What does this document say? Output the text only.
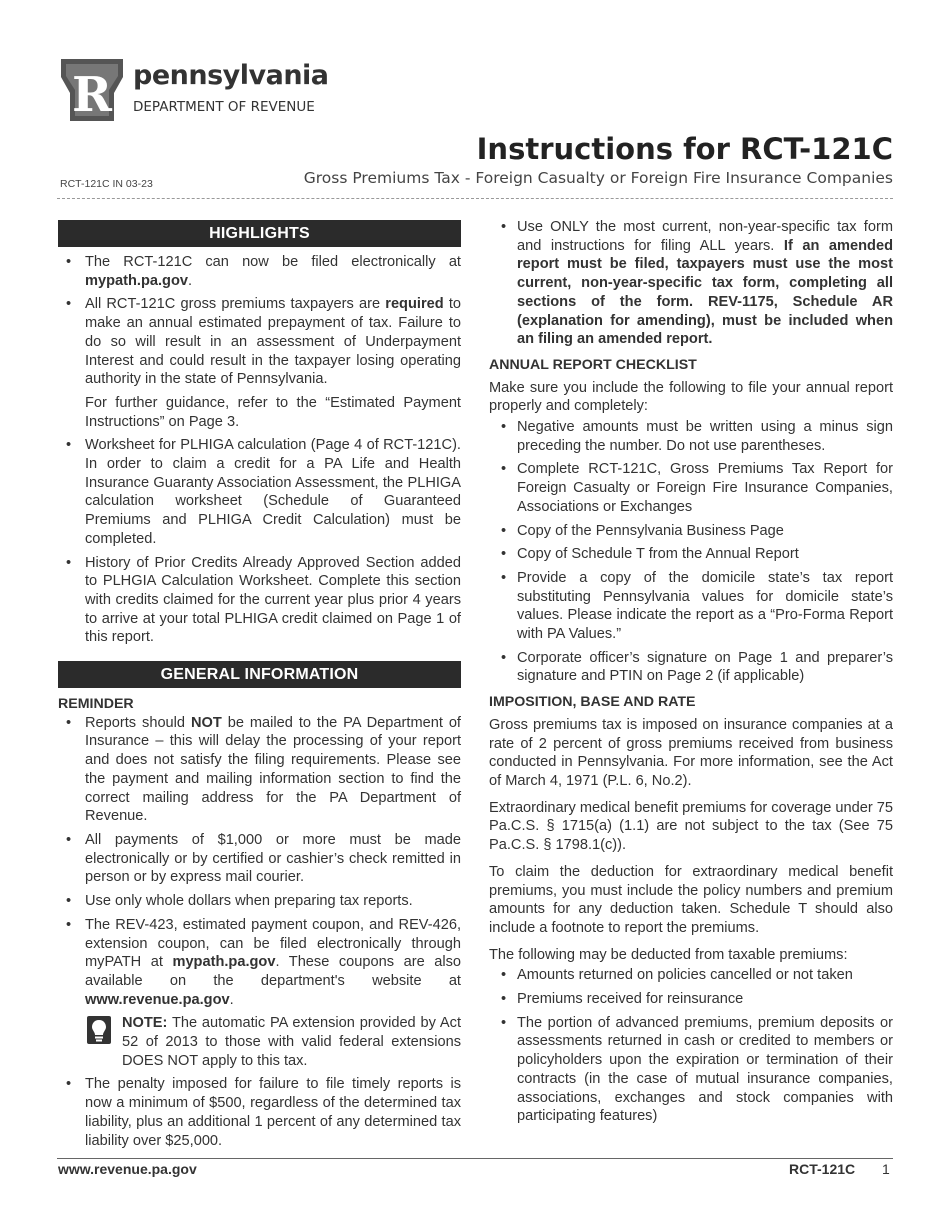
R pennsylvania
DEPARTMENT OF REVENUE
Instructions for RCT-121C
RCT-121C IN 03-23	Gross Premiums Tax - Foreign Casualty or Foreign Fire Insurance Companies
HIGHLIGHTS
• The RCT-121C can now be filed electronically at mypath.pa.gov.
• All RCT-121C gross premiums taxpayers are required to make an annual estimated prepayment of tax. Failure to do so will result in an assessment of Underpayment Interest and could result in the taxpayer losing operating authority in the state of Pennsylvania.

For further guidance, refer to the “Estimated Payment Instructions” on Page 3.

• Worksheet for PLHIGA calculation (Page 4 of RCT-121C). In order to claim a credit for a PA Life and Health Insurance Guaranty Association Assessment, the PLHIGA calculation worksheet (Schedule of Guaranteed Premiums and PLHIGA Credit Calculation) must be completed.
• History of Prior Credits Already Approved Section added to PLHGIA Calculation Worksheet. Complete this section with credits claimed for the current year plus prior 4 years to arrive at your total PLHIGA credit claimed on Page 1 of this report.
GENERAL INFORMATION

REMINDER

• Reports should NOT be mailed to the PA Department of Insurance – this will delay the processing of your report and does not satisfy the filing requirements. Please see the payment and mailing information section to find the correct mailing address for the PA Department of Revenue.
• All payments of $1,000 or more must be made electronically or by certified or cashier’s check remitted in person or by express mail courier.
• Use only whole dollars when preparing tax reports.
• The REV-423, estimated payment coupon, and REV-426, extension coupon, can be filed electronically through myPATH at mypath.pa.gov. These coupons are also available on the department's website at www.revenue.pa.gov.
NOTE: The automatic PA extension provided by Act 52 of 2013 to those with valid federal extensions DOES NOT apply to this tax.
• The penalty imposed for failure to file timely reports is now a minimum of $500, regardless of the determined tax liability, plus an additional 1 percent of any determined tax liability over $25,000.
• Use ONLY the most current, non-year-specific tax form and instructions for filing ALL years. If an amended report must be filed, taxpayers must use the most current, non-year-specific tax form, completing all sections of the form. REV-1175, Schedule AR (explanation for amending), must be included when an filing an amended report.

ANNUAL REPORT CHECKLIST

Make sure you include the following to file your annual report properly and completely:

• Negative amounts must be written using a minus sign preceding the number. Do not use parentheses.
• Complete RCT-121C, Gross Premiums Tax Report for Foreign Casualty or Foreign Fire Insurance Companies, Associations or Exchanges
• Copy of the Pennsylvania Business Page
• Copy of Schedule T from the Annual Report
• Provide a copy of the domicile state’s tax report substituting Pennsylvania values for domicile state’s values. Please indicate the report as a “Pro-Forma Report with PA Values.”
• Corporate officer’s signature on Page 1 and preparer’s signature and PTIN on Page 2 (if applicable)

IMPOSITION, BASE AND RATE

Gross premiums tax is imposed on insurance companies at a rate of 2 percent of gross premiums received from business conducted in Pennsylvania. For more information, see the Act of March 4, 1971 (P.L. 6, No.2).

Extraordinary medical benefit premiums for coverage under 75 Pa.C.S. § 1715(a) (1.1) are not subject to the tax (See 75 Pa.C.S. § 1798.1(c)).

To claim the deduction for extraordinary medical benefit premiums, you must include the policy numbers and premium amounts for any deduction taken. Schedule T should also include a footnote to report the premiums.

The following may be deducted from taxable premiums:

• Amounts returned on policies cancelled or not taken
• Premiums received for reinsurance
• The portion of advanced premiums, premium deposits or assessments returned in cash or credited to members or policyholders upon the expiration or termination of their contracts (in the case of mutual insurance companies, associations, exchanges and stock companies with participating features)
www.revenue.pa.gov	RCT-121C 1
